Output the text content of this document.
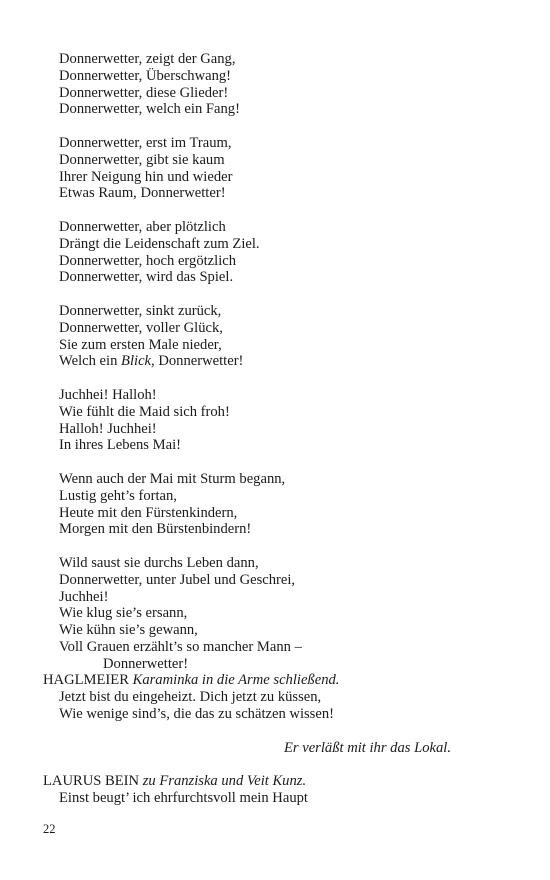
Donnerwetter, zeigt der Gang,
Donnerwetter, Überschwang!
Donnerwetter, diese Glieder!
Donnerwetter, welch ein Fang!
Donnerwetter, erst im Traum,
Donnerwetter, gibt sie kaum
Ihrer Neigung hin und wieder
Etwas Raum, Donnerwetter!
Donnerwetter, aber plötzlich
Drängt die Leidenschaft zum Ziel.
Donnerwetter, hoch ergötzlich
Donnerwetter, wird das Spiel.
Donnerwetter, sinkt zurück,
Donnerwetter, voller Glück,
Sie zum ersten Male nieder,
Welch ein Blick, Donnerwetter!
Juchhei! Halloh!
Wie fühlt die Maid sich froh!
Halloh! Juchhei!
In ihres Lebens Mai!
Wenn auch der Mai mit Sturm begann,
Lustig geht’s fortan,
Heute mit den Fürstenkindern,
Morgen mit den Bürstenbindern!
Wild saust sie durchs Leben dann,
Donnerwetter, unter Jubel und Geschrei,
Juchhei!
Wie klug sie’s ersann,
Wie kühn sie’s gewann,
Voll Grauen erzählt’s so mancher Mann –
Donnerwetter!
HAGLMEIER Karaminka in die Arme schließend.
Jetzt bist du eingeheizt. Dich jetzt zu küssen,
Wie wenige sind’s, die das zu schätzen wissen!
Er verläßt mit ihr das Lokal.
LAURUS BEIN zu Franziska und Veit Kunz.
Einst beugt’ ich ehrfurchtsvoll mein Haupt
22
